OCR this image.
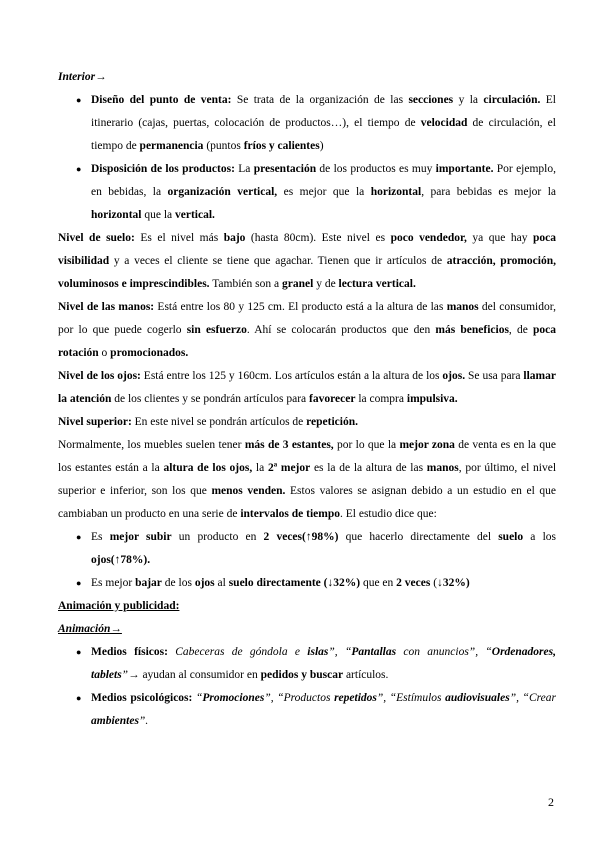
Interior→
● Diseño del punto de venta: Se trata de la organización de las secciones y la circulación. El itinerario (cajas, puertas, colocación de productos…), el tiempo de velocidad de circulación, el tiempo de permanencia (puntos fríos y calientes)
● Disposición de los productos: La presentación de los productos es muy importante. Por ejemplo, en bebidas, la organización vertical, es mejor que la horizontal, para bebidas es mejor la horizontal que la vertical.
Nivel de suelo: Es el nivel más bajo (hasta 80cm). Este nivel es poco vendedor, ya que hay poca visibilidad y a veces el cliente se tiene que agachar. Tienen que ir artículos de atracción, promoción, voluminosos e imprescindibles. También son a granel y de lectura vertical.
Nivel de las manos: Está entre los 80 y 125 cm. El producto está a la altura de las manos del consumidor, por lo que puede cogerlo sin esfuerzo. Ahí se colocarán productos que den más beneficios, de poca rotación o promocionados.
Nivel de los ojos: Está entre los 125 y 160cm. Los artículos están a la altura de los ojos. Se usa para llamar la atención de los clientes y se pondrán artículos para favorecer la compra impulsiva.
Nivel superior: En este nivel se pondrán artículos de repetición.
Normalmente, los muebles suelen tener más de 3 estantes, por lo que la mejor zona de venta es en la que los estantes están a la altura de los ojos, la 2ª mejor es la de la altura de las manos, por último, el nivel superior e inferior, son los que menos venden. Estos valores se asignan debido a un estudio en el que cambiaban un producto en una serie de intervalos de tiempo. El estudio dice que:
● Es mejor subir un producto en 2 veces(↑98%) que hacerlo directamente del suelo a los ojos(↑78%).
● Es mejor bajar de los ojos al suelo directamente (↓32%) que en 2 veces (↓32%)
Animación y publicidad:
Animación→
● Medios físicos: Cabeceras de góndola e islas”, “Pantallas con anuncios”, “Ordenadores, tablets”→ ayudan al consumidor en pedidos y buscar artículos.
● Medios psicológicos: “Promociones”, “Productos repetidos”, “Estímulos audiovisuales”, “Crear ambientes”.
2
